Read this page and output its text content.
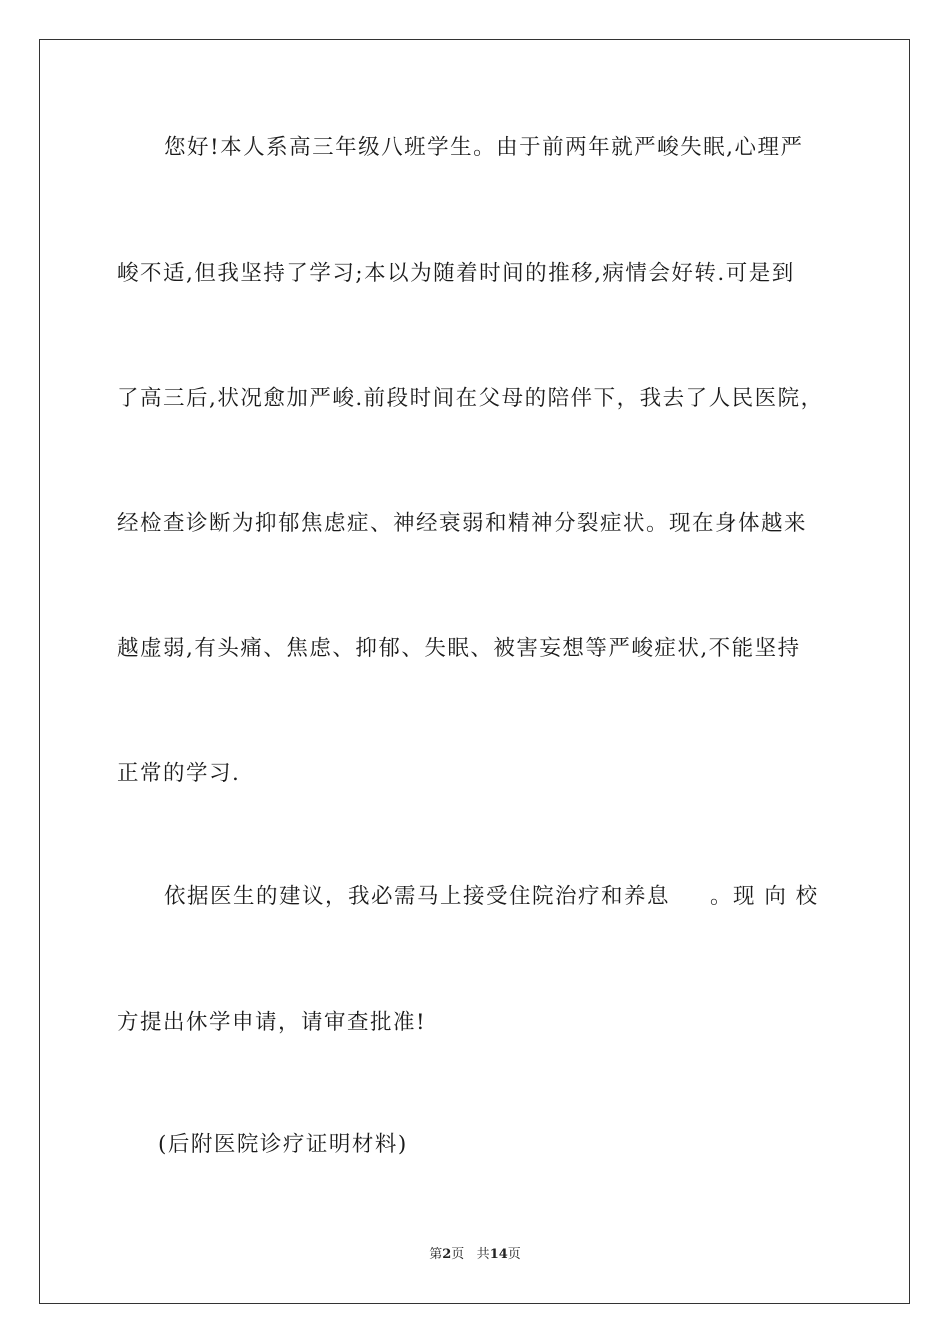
您好!本人系高三年级八班学生。由于前两年就严峻失眠,心理严
峻不适,但我坚持了学习;本以为随着时间的推移,病情会好转.可是到
了高三后,状况愈加严峻.前段时间在父母的陪伴下，我去了人民医院，
经检查诊断为抑郁焦虑症、神经衰弱和精神分裂症状。现在身体越来
越虚弱,有头痛、焦虑、抑郁、失眠、被害妄想等严峻症状,不能坚持
正常的学习.
依据医生的建议，我必需马上接受住院治疗和养息 。现 向 校
方提出休学申请，请审查批准!
(后附医院诊疗证明材料)
第2页 共14页
